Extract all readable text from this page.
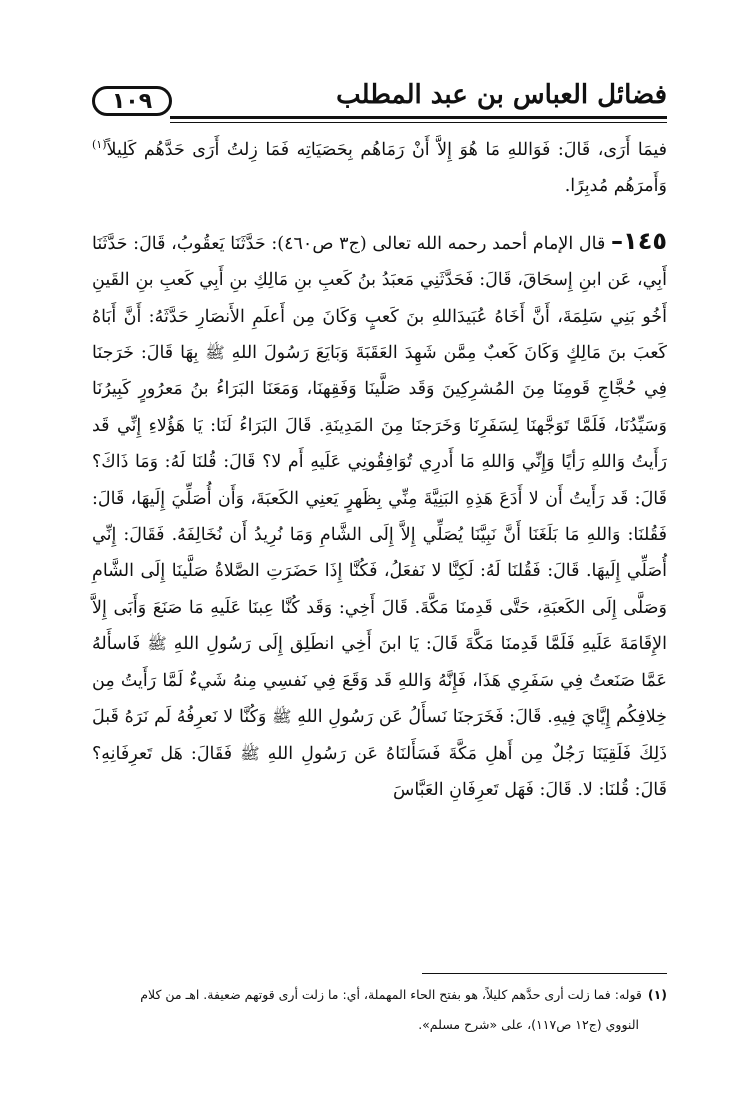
فضائل العباس بن عبد المطلب
١٠٩

فيمَا أَرَى، قَالَ: فَوَاللهِ مَا هُوَ إِلاَّ أَنْ رَمَاهُم بِحَصَيَاتِه فَمَا زِلتُ أَرَى حَدَّهُم كَلِيلاً$^{(١)}$ وَأَمرَهُم مُدبِرًا.

١٤٥– قال الإمام أحمد رحمه الله تعالى (ج٣ ص٤٦٠): حَدَّثَنَا يَعقُوبُ، قَالَ: حَدَّثَنَا أَبِي، عَن ابنِ إِسحَاقَ، قَالَ: فَحَدَّثَنِي مَعبَدُ بنُ كَعبِ بنِ مَالِكِ بنِ أَبِي كَعبِ بنِ القَينِ أَخُو بَنِي سَلِمَةَ، أَنَّ أَخَاهُ عُبَيدَاللهِ بنَ كَعبٍ وَكَانَ مِن أَعلَمِ الأَنصَارِ حَدَّثَهُ: أَنَّ أَبَاهُ كَعبَ بنَ مَالِكٍ وَكَانَ كَعبٌ مِمَّن شَهِدَ العَقَبَةَ وَبَايَعَ رَسُولَ اللهِ ﷺ بِهَا قَالَ: خَرَجنَا فِي حُجَّاجِ قَومِنَا مِنَ المُشرِكِينَ وَقَد صَلَّينَا وَفَقِهنَا، وَمَعَنَا البَرَاءُ بنُ مَعرُورٍ كَبِيرُنَا وَسَيِّدُنَا، فَلَمَّا تَوَجَّهنَا لِسَفَرِنَا وَخَرَجنَا مِنَ المَدِينَةِ. قَالَ البَرَاءُ لَنَا: يَا هَؤُلاءِ إِنِّي قَد رَأَيتُ وَاللهِ رَأيًا وَإِنِّي وَاللهِ مَا أَدرِي تُوَافِقُونِي عَلَيهِ أَم لا؟ قَالَ: قُلنَا لَهُ: وَمَا ذَاكَ؟ قَالَ: قَد رَأَيتُ أَن لا أَدَعَ هَذِهِ البَنِيَّةَ مِنِّي بِظَهرٍ يَعنِي الكَعبَةَ، وَأَن أُصَلِّيَ إِلَيهَا، قَالَ: فَقُلنَا: وَاللهِ مَا بَلَغَنَا أَنَّ نَبِيَّنَا يُصَلِّي إِلاَّ إِلَى الشَّامِ وَمَا نُرِيدُ أَن نُخَالِفَهُ. فَقَالَ: إِنِّي أُصَلِّي إِلَيهَا. قَالَ: فَقُلنَا لَهُ: لَكِنَّا لا نَفعَلُ، فَكُنَّا إِذَا حَضَرَتِ الصَّلاةُ صَلَّينَا إِلَى الشَّامِ وَصَلَّى إِلَى الكَعبَةِ، حَتَّى قَدِمنَا مَكَّةَ. قَالَ أَخِي: وَقَد كُنَّا عِبنَا عَلَيهِ مَا صَنَعَ وَأَبَى إِلاَّ الإِقَامَةَ عَلَيهِ فَلَمَّا قَدِمنَا مَكَّةَ قَالَ: يَا ابنَ أَخِي انطَلِق إِلَى رَسُولِ اللهِ ﷺ فَاسأَلهُ عَمَّا صَنَعتُ فِي سَفَرِي هَذَا، فَإِنَّهُ وَاللهِ قَد وَقَعَ فِي نَفسِي مِنهُ شَيءٌ لَمَّا رَأَيتُ مِن خِلافِكُم إِيَّايَ فِيهِ. قَالَ: فَخَرَجنَا نَسأَلُ عَن رَسُولِ اللهِ ﷺ وَكُنَّا لا نَعرِفُهُ لَم نَرَهُ قَبلَ ذَلِكَ فَلَقِيَنَا رَجُلٌ مِن أَهلِ مَكَّةَ فَسَأَلنَاهُ عَن رَسُولِ اللهِ ﷺ فَقَالَ: هَل تَعرِفَانِهِ؟ قَالَ: قُلنَا: لا. قَالَ: فَهَل تَعرِفَانِ العَبَّاسَ

(١)قوله: فما زلت أرى حدَّهم كليلاً، هو بفتح الحاء المهملة، أي: ما زلت أرى قوتهم ضعيفة. اهـ من كلام

النووي (ج١٢ ص١١٧)، على «شرح مسلم».
